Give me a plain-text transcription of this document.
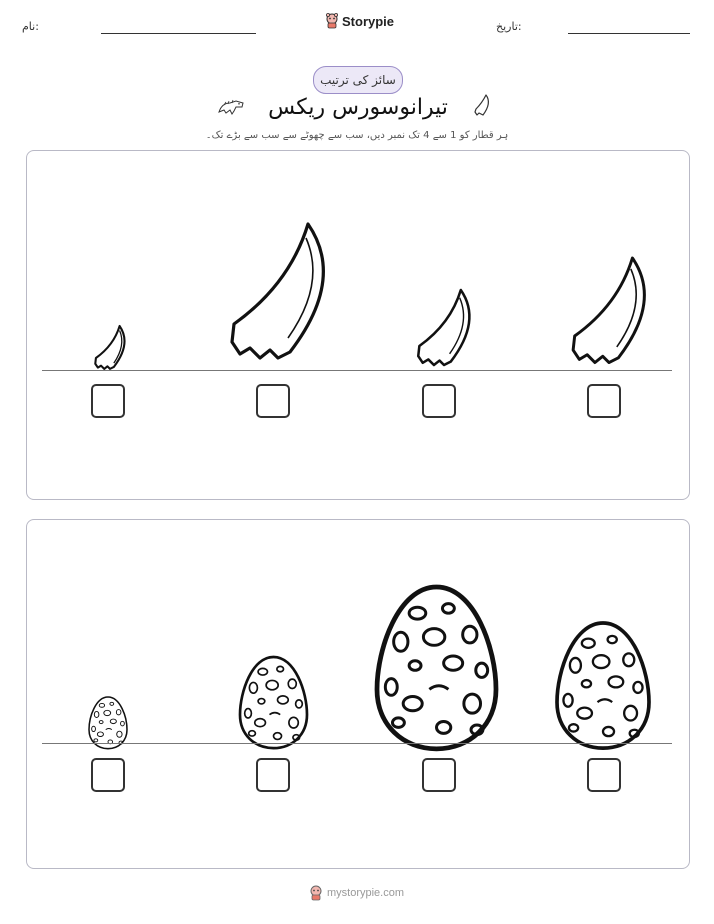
نام:	Storypie	تاریخ:
سائز کی ترتیب
تیرانوسورس ریکس
ہر قطار کو 1 سے 4 تک نمبر دیں، سب سے چھوٹے سے سب سے بڑے تک۔
mystorypie.com
